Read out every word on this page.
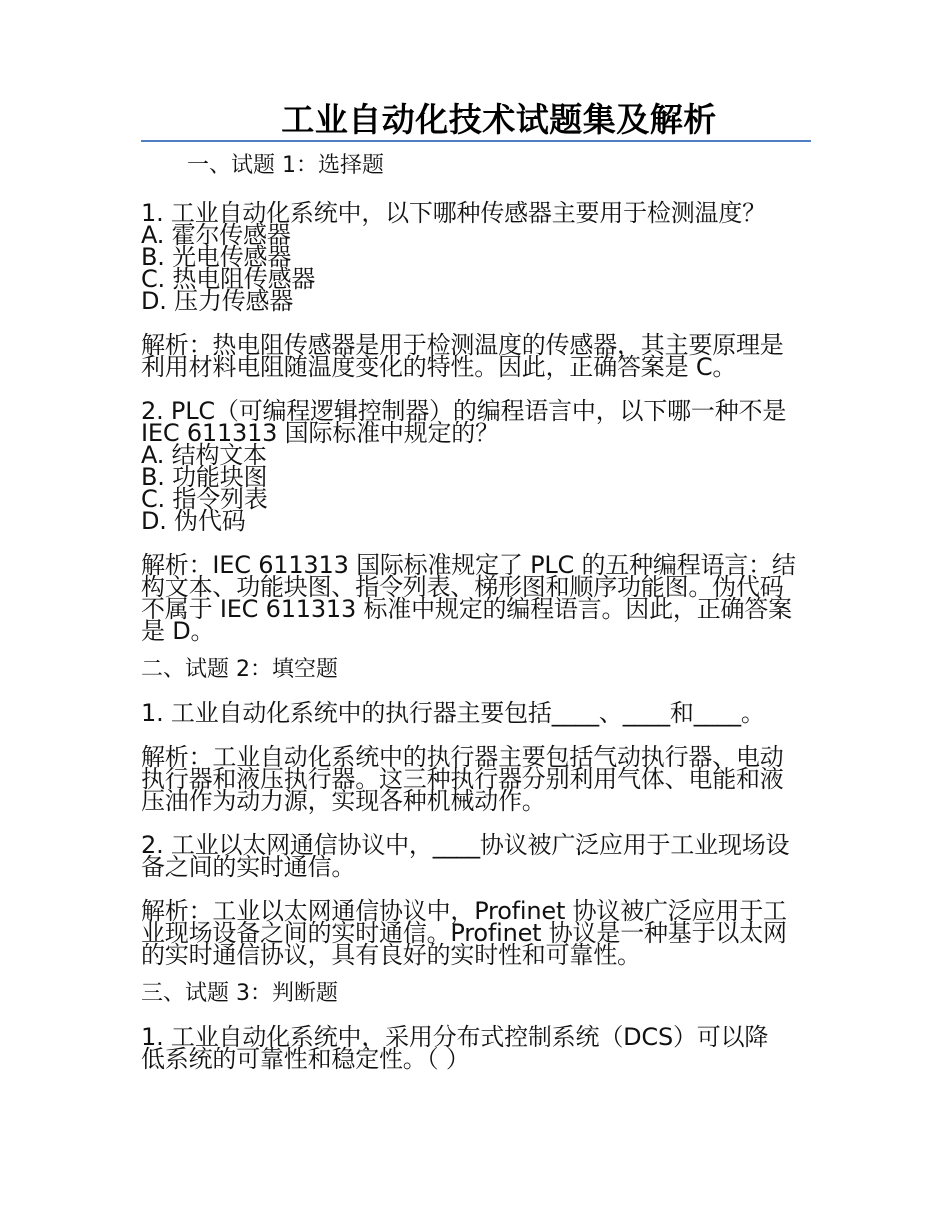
工业自动化技术试题集及解析
一、试题 1：选择题

1. 工业自动化系统中，以下哪种传感器主要用于检测温度？

A. 霍尔传感器

B. 光电传感器

C. 热电阻传感器

D. 压力传感器

解析：热电阻传感器是用于检测温度的传感器，其主要原理是

利用材料电阻随温度变化的特性。因此，正确答案是 C。

2. PLC（可编程逻辑控制器）的编程语言中，以下哪一种不是

IEC 611313 国际标准中规定的？

A. 结构文本

B. 功能块图

C. 指令列表

D. 伪代码

解析：IEC 611313 国际标准规定了 PLC 的五种编程语言：结

构文本、功能块图、指令列表、梯形图和顺序功能图。伪代码

不属于 IEC 611313 标准中规定的编程语言。因此，正确答案

是 D。

二、试题 2：填空题

1. 工业自动化系统中的执行器主要包括____、____和____。

解析：工业自动化系统中的执行器主要包括气动执行器、电动

执行器和液压执行器。这三种执行器分别利用气体、电能和液

压油作为动力源，实现各种机械动作。

2. 工业以太网通信协议中，____协议被广泛应用于工业现场设

备之间的实时通信。

解析：工业以太网通信协议中，Profinet 协议被广泛应用于工

业现场设备之间的实时通信。Profinet 协议是一种基于以太网

的实时通信协议，具有良好的实时性和可靠性。

三、试题 3：判断题

1. 工业自动化系统中，采用分布式控制系统（DCS）可以降

低系统的可靠性和稳定性。（ ）
